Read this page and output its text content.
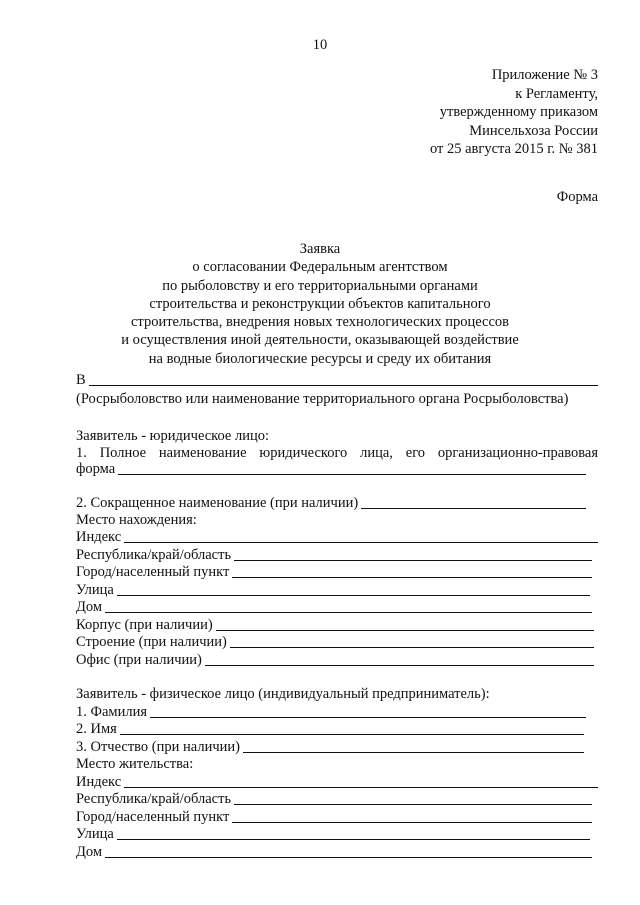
10
Приложение № 3
к Регламенту,
утвержденному приказом
Минсельхоза России
от 25 августа 2015 г. № 381
Форма
Заявка
о согласовании Федеральным агентством
по рыболовству и его территориальными органами
строительства и реконструкции объектов капитального
строительства, внедрения новых технологических процессов
и осуществления иной деятельности, оказывающей воздействие
на водные биологические ресурсы и среду их обитания
В
(Росрыболовство или наименование территориального органа Росрыболовства)
Заявитель - юридическое лицо:
1. Полное наименование юридического лица, его организационно-правовая
форма
2. Сокращенное наименование (при наличии)
Место нахождения:
Индекс
Республика/край/область
Город/населенный пункт
Улица
Дом
Корпус (при наличии)
Строение (при наличии)
Офис (при наличии)
Заявитель - физическое лицо (индивидуальный предприниматель):
1. Фамилия
2. Имя
3. Отчество (при наличии)
Место жительства:
Индекс
Республика/край/область
Город/населенный пункт
Улица
Дом
